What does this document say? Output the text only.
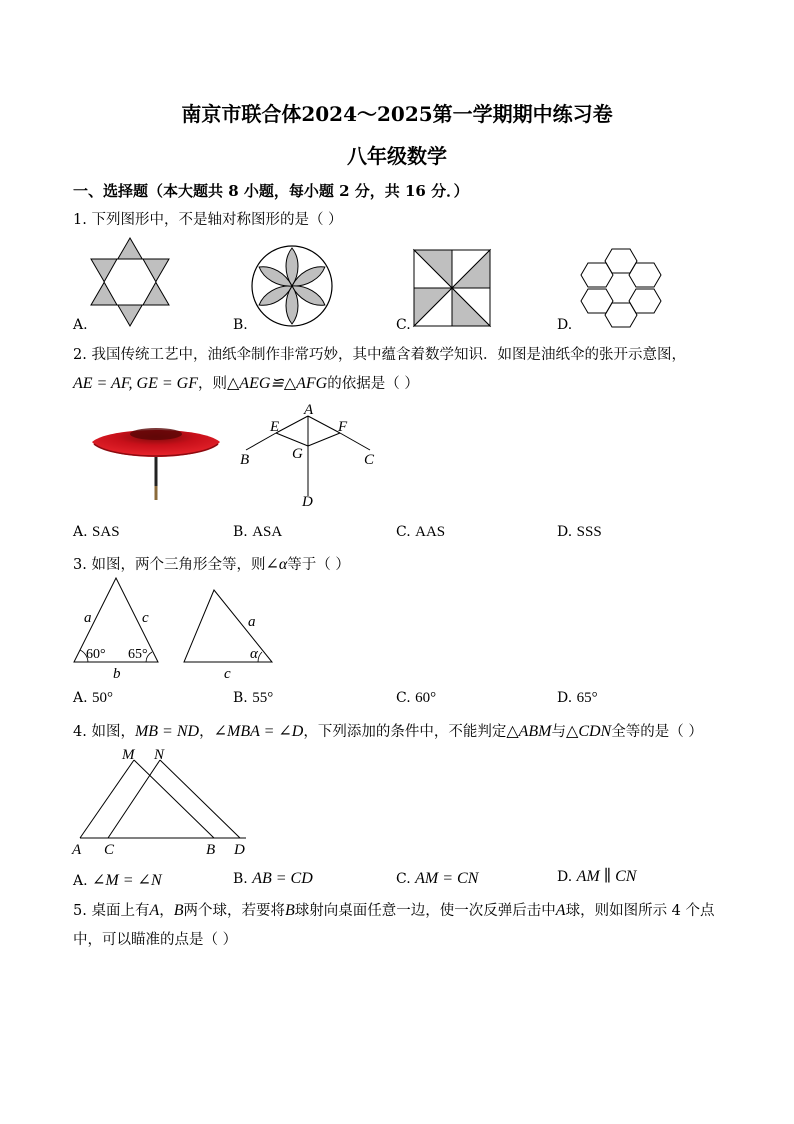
南京市联合体2024～2025第一学期期中练习卷
八年级数学
一、选择题（本大题共 8 小题，每小题 2 分，共 16 分．）
1. 下列图形中，不是轴对称图形的是（ ）
A.	B.	C.	D.
2. 我国传统工艺中，油纸伞制作非常巧妙，其中蕴含着数学知识．如图是油纸伞的张开示意图，
AE = AF, GE = GF，则△AEG≌△AFG的依据是（ ）
A
E	F
B	G	C
D
A. SAS	B. ASA	C. AAS	D. SSS
3. 如图，两个三角形全等，则∠α等于（ ）
a	c
60° 65°
b
a
α
c
A. 50°	B. 55°	C. 60°	D. 65°
4. 如图，MB = ND，∠MBA = ∠D，下列添加的条件中，不能判定△ABM与△CDN全等的是（ ）
M N
A C	B D
A. ∠M = ∠N	B. AB = CD	C. AM = CN	D. AM ∥ CN
5. 桌面上有A，B两个球，若要将B球射向桌面任意一边，使一次反弹后击中A球，则如图所示 4 个点
中，可以瞄准的点是（ ）
